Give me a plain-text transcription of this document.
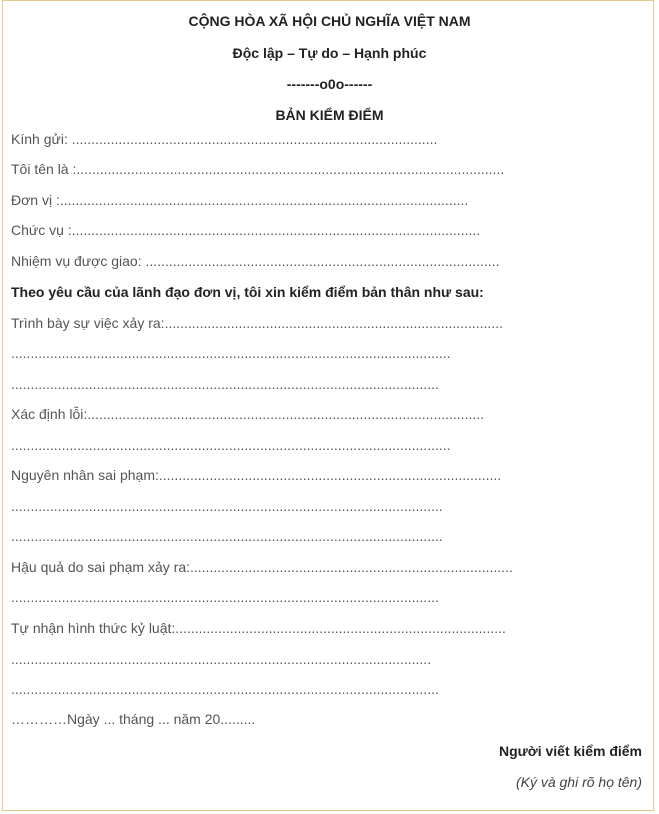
CỘNG HÒA XÃ HỘI CHỦ NGHĨA VIỆT NAM
Độc lập – Tự do – Hạnh phúc
-------o0o------
BẢN KIỂM ĐIỂM
Kính gửi: ..............................................................................................
Tôi tên là :..............................................................................................................
Đơn vị :.........................................................................................................
Chức vụ :.........................................................................................................
Nhiệm vụ được giao: ...........................................................................................
Theo yêu cầu của lãnh đạo đơn vị, tôi xin kiểm điểm bản thân như sau:
Trình bày sự việc xảy ra:.......................................................................................
.................................................................................................................
..............................................................................................................
Xác định lỗi:......................................................................................................
.................................................................................................................
Nguyên nhân sai phạm:........................................................................................
...............................................................................................................
...............................................................................................................
Hậu quả do sai phạm xảy ra:...................................................................................
..............................................................................................................
Tự nhận hình thức kỷ luật:.....................................................................................
............................................................................................................
..............................................................................................................
…………Ngày ... tháng ... năm 20.........
Người viết kiểm điểm
(Ký và ghi rõ họ tên)
